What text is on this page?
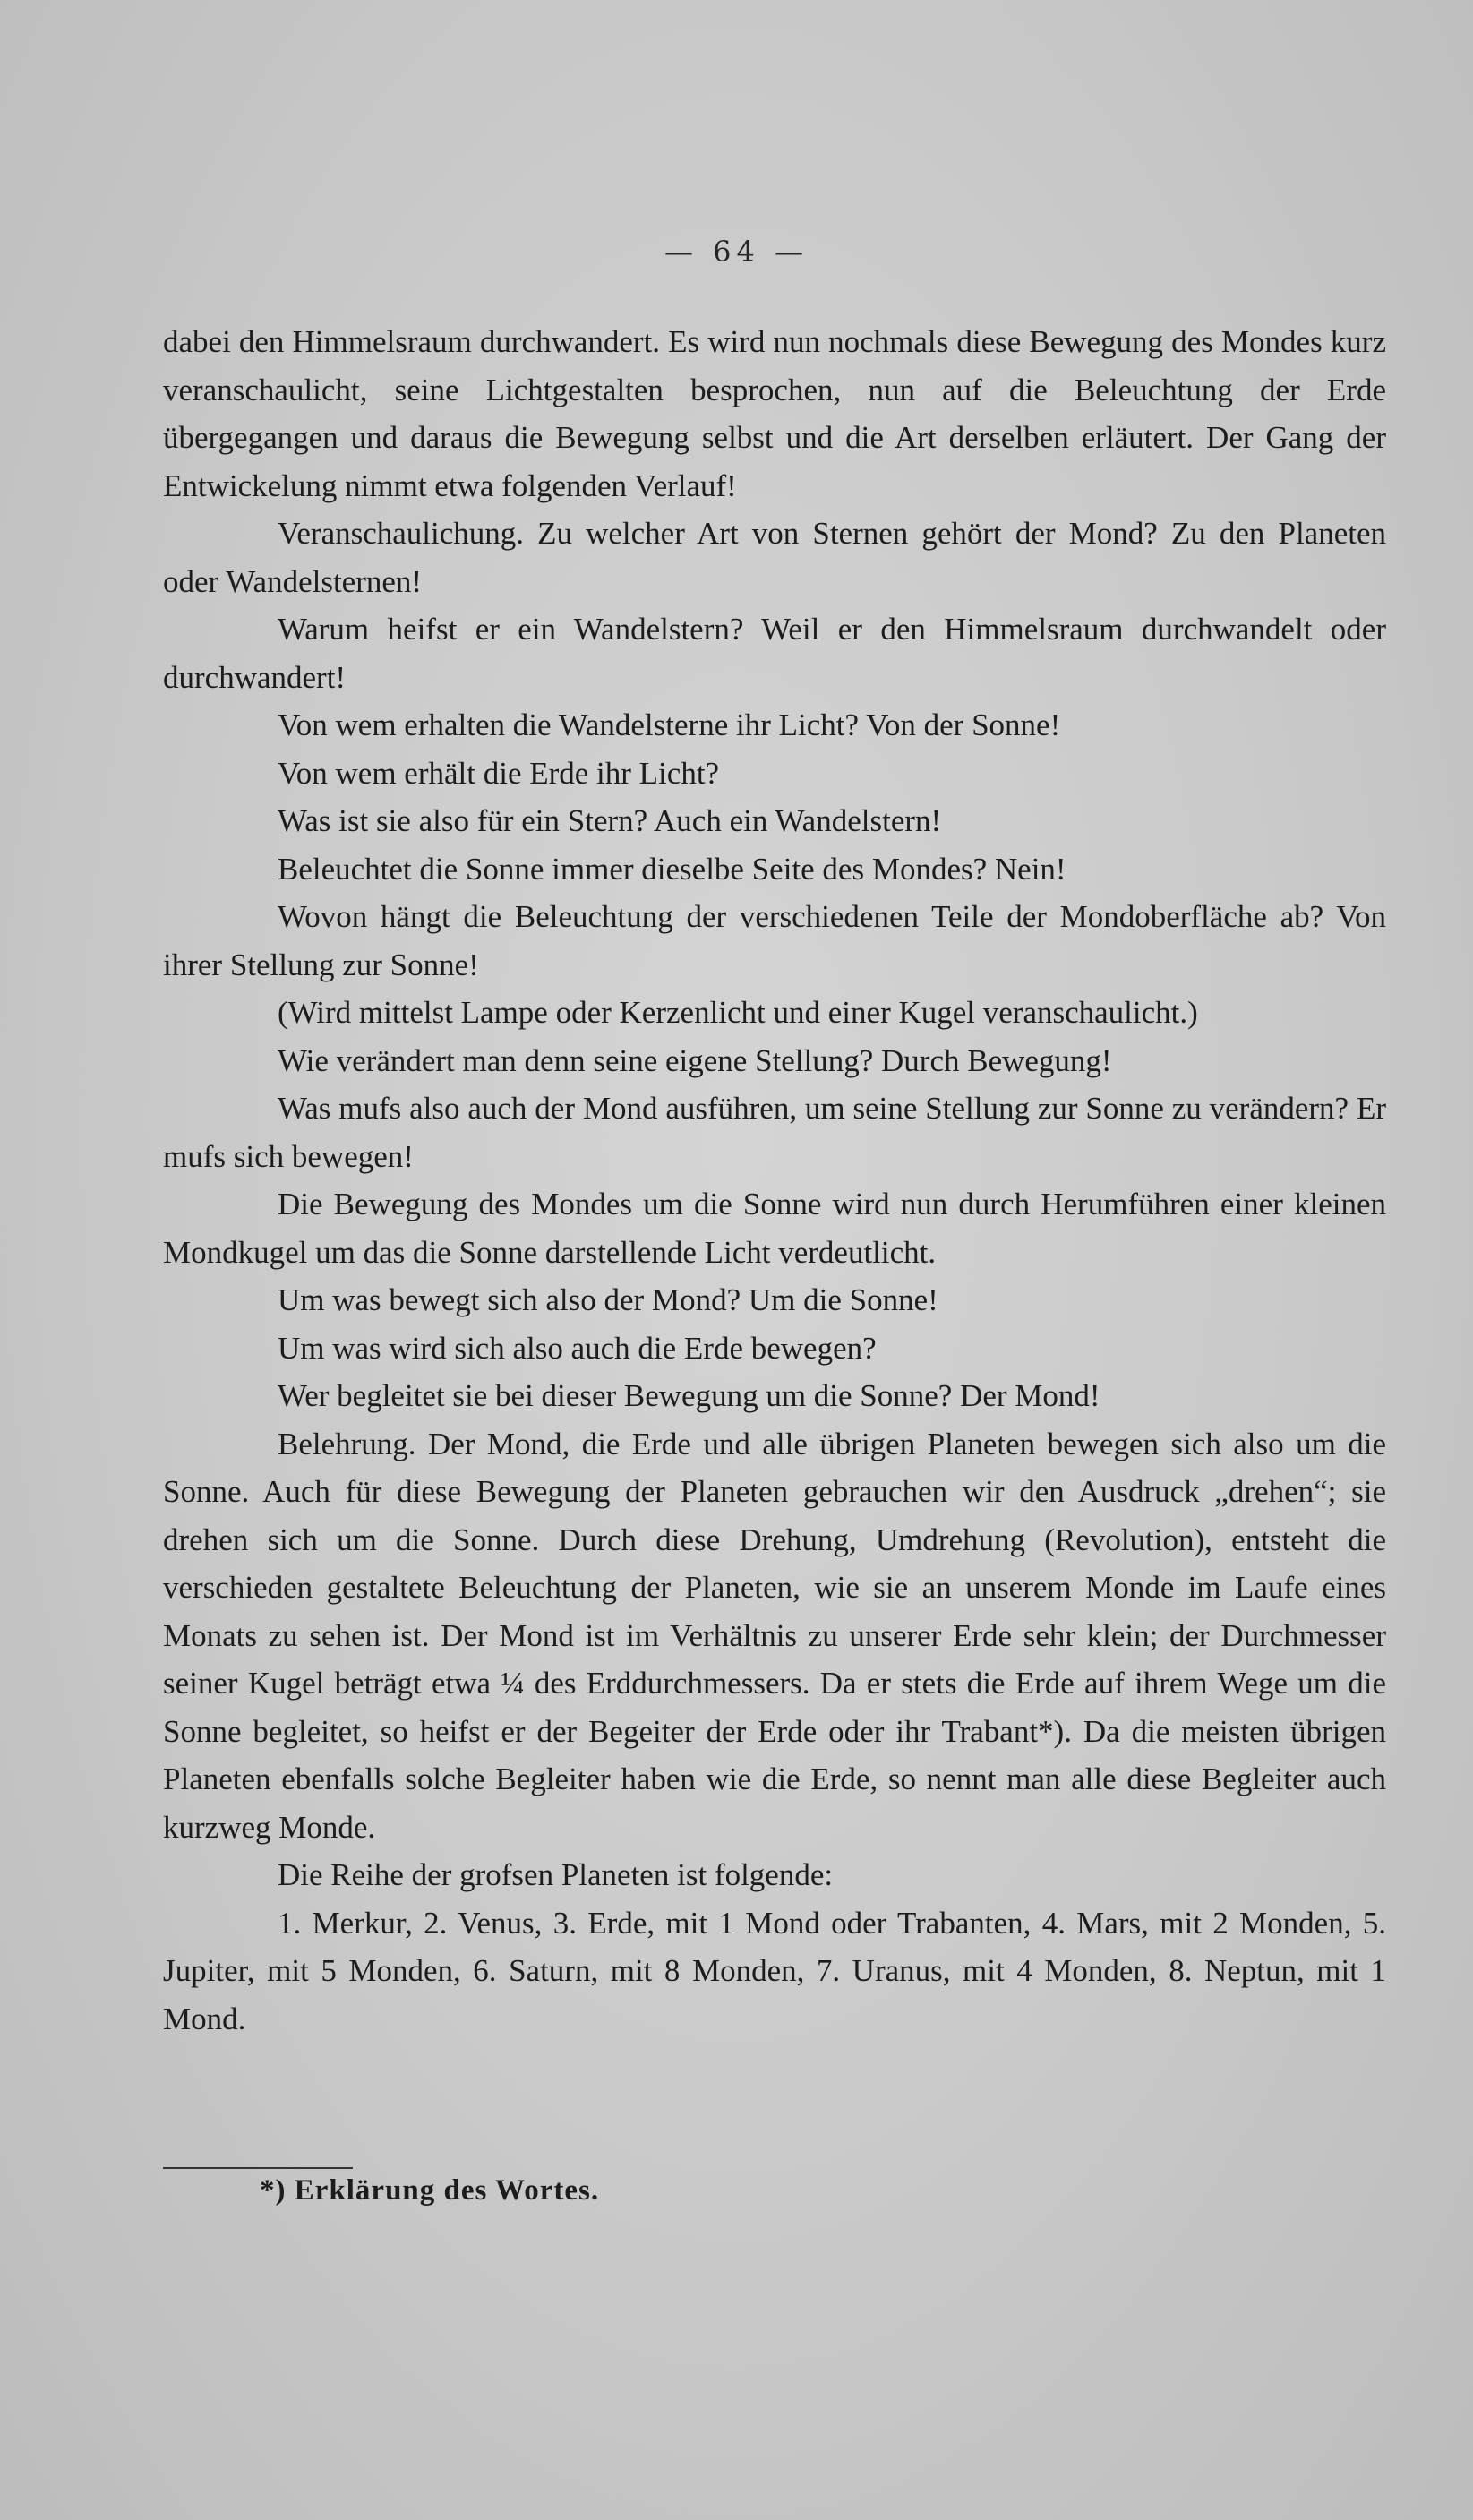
— 64 —

dabei den Himmelsraum durchwandert. Es wird nun nochmals diese Bewegung des Mondes kurz veranschaulicht, seine Lichtgestalten besprochen, nun auf die Beleuchtung der Erde übergegangen und daraus die Bewegung selbst und die Art derselben erläutert. Der Gang der Entwickelung nimmt etwa folgenden Verlauf!

Veranschaulichung. Zu welcher Art von Sternen gehört der Mond? Zu den Planeten oder Wandelsternen!

Warum heifst er ein Wandelstern? Weil er den Himmelsraum durchwandelt oder durchwandert!

Von wem erhalten die Wandelsterne ihr Licht? Von der Sonne!

Von wem erhält die Erde ihr Licht?

Was ist sie also für ein Stern? Auch ein Wandelstern!

Beleuchtet die Sonne immer dieselbe Seite des Mondes? Nein!

Wovon hängt die Beleuchtung der verschiedenen Teile der Mondoberfläche ab? Von ihrer Stellung zur Sonne!

(Wird mittelst Lampe oder Kerzenlicht und einer Kugel veranschaulicht.)

Wie verändert man denn seine eigene Stellung? Durch Bewegung!

Was mufs also auch der Mond ausführen, um seine Stellung zur Sonne zu verändern? Er mufs sich bewegen!

Die Bewegung des Mondes um die Sonne wird nun durch Herumführen einer kleinen Mondkugel um das die Sonne darstellende Licht verdeutlicht.

Um was bewegt sich also der Mond? Um die Sonne!

Um was wird sich also auch die Erde bewegen?

Wer begleitet sie bei dieser Bewegung um die Sonne? Der Mond!

Belehrung. Der Mond, die Erde und alle übrigen Planeten bewegen sich also um die Sonne. Auch für diese Bewegung der Planeten gebrauchen wir den Ausdruck „drehen“; sie drehen sich um die Sonne. Durch diese Drehung, Umdrehung (Revolution), entsteht die verschieden gestaltete Beleuchtung der Planeten, wie sie an unserem Monde im Laufe eines Monats zu sehen ist. Der Mond ist im Verhältnis zu unserer Erde sehr klein; der Durchmesser seiner Kugel beträgt etwa ¼ des Erddurchmessers. Da er stets die Erde auf ihrem Wege um die Sonne begleitet, so heifst er der Begeiter der Erde oder ihr Trabant*). Da die meisten übrigen Planeten ebenfalls solche Begleiter haben wie die Erde, so nennt man alle diese Begleiter auch kurzweg Monde.

Die Reihe der grofsen Planeten ist folgende:

1. Merkur, 2. Venus, 3. Erde, mit 1 Mond oder Trabanten, 4. Mars, mit 2 Monden, 5. Jupiter, mit 5 Monden, 6. Saturn, mit 8 Monden, 7. Uranus, mit 4 Monden, 8. Neptun, mit 1 Mond.

*) Erklärung des Wortes.
